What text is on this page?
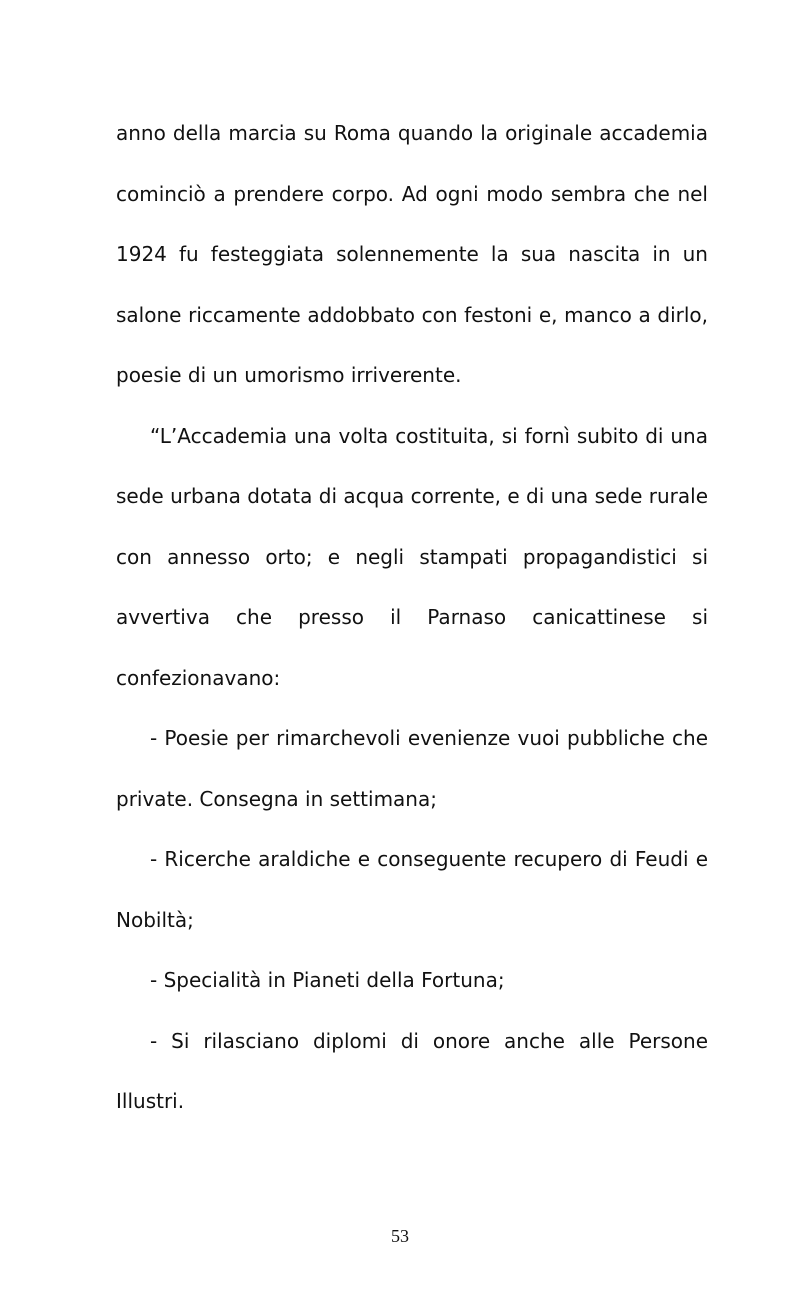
anno della marcia su Roma quando la originale accademia cominciò a prendere corpo. Ad ogni modo sembra che nel 1924 fu festeggiata solennemente la sua nascita in un salone riccamente addobbato con festoni e, manco a dirlo, poesie di un umorismo irriverente.

“L’Accademia una volta costituita, si fornì subito di una sede urbana dotata di acqua corrente, e di una sede rurale con annesso orto; e negli stampati propagandistici si avvertiva che presso il Parnaso canicattinese si confezionavano:

- Poesie per rimarchevoli evenienze vuoi pubbliche che private. Consegna in settimana;

- Ricerche araldiche e conseguente recupero di Feudi e Nobiltà;

- Specialità in Pianeti della Fortuna;

- Si rilasciano diplomi di onore anche alle Persone Illustri.

53
